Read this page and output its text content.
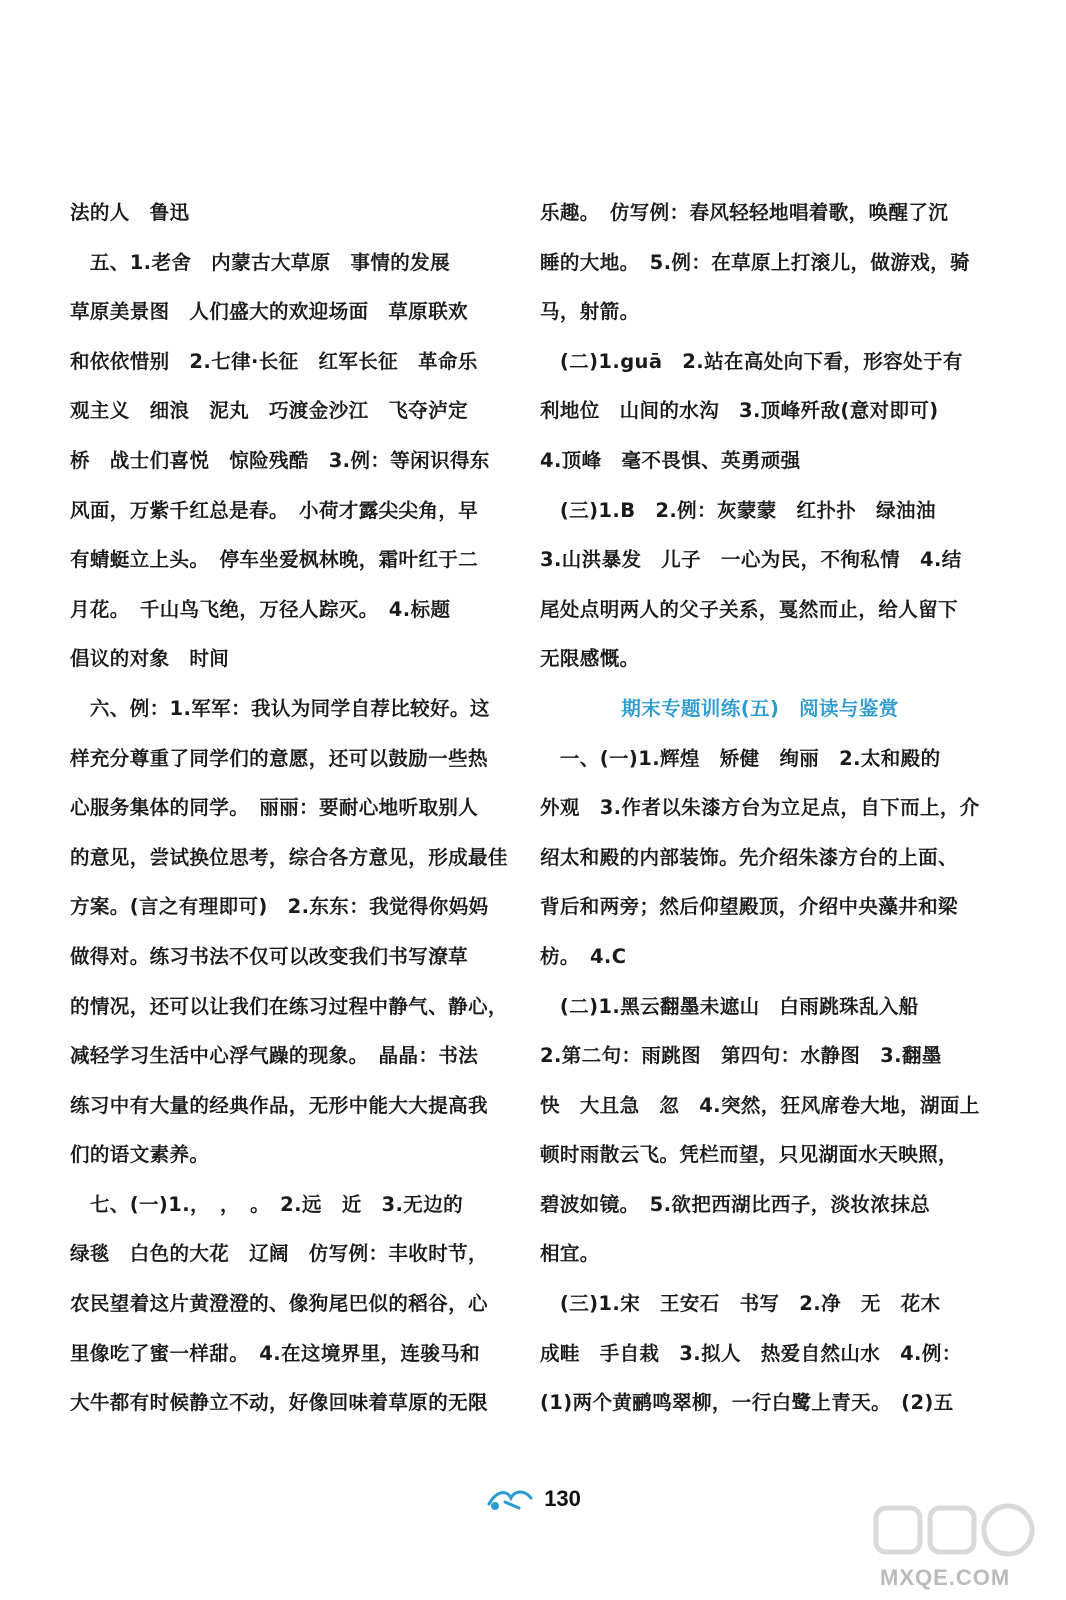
法的人　鲁迅
　五、1.老舍　内蒙古大草原　事情的发展
草原美景图　人们盛大的欢迎场面　草原联欢
和依依惜别　2.七律·长征　红军长征　革命乐
观主义　细浪　泥丸　巧渡金沙江　飞夺泸定
桥　战士们喜悦　惊险残酷　3.例：等闲识得东
风面，万紫千红总是春。　小荷才露尖尖角，早
有蜻蜓立上头。　停车坐爱枫林晚，霜叶红于二
月花。　千山鸟飞绝，万径人踪灭。　4.标题
倡议的对象　时间
　六、例：1.军军：我认为同学自荐比较好。这
样充分尊重了同学们的意愿，还可以鼓励一些热
心服务集体的同学。　丽丽：要耐心地听取别人
的意见，尝试换位思考，综合各方意见，形成最佳
方案。(言之有理即可)　2.东东：我觉得你妈妈
做得对。练习书法不仅可以改变我们书写潦草
的情况，还可以让我们在练习过程中静气、静心，
减轻学习生活中心浮气躁的现象。　晶晶：书法
练习中有大量的经典作品，无形中能大大提高我
们的语文素养。
　七、(一)1.，　，　。　2.远　近　3.无边的
绿毯　白色的大花　辽阔　仿写例：丰收时节，
农民望着这片黄澄澄的、像狗尾巴似的稻谷，心
里像吃了蜜一样甜。　4.在这境界里，连骏马和
大牛都有时候静立不动，好像回味着草原的无限
乐趣。　仿写例：春风轻轻地唱着歌，唤醒了沉
睡的大地。　5.例：在草原上打滚儿，做游戏，骑
马，射箭。
　(二)1.guā　2.站在高处向下看，形容处于有
利地位　山间的水沟　3.顶峰歼敌(意对即可)
4.顶峰　毫不畏惧、英勇顽强
　(三)1.B　2.例：灰蒙蒙　红扑扑　绿油油
3.山洪暴发　儿子　一心为民，不徇私情　4.结
尾处点明两人的父子关系，戛然而止，给人留下
无限感慨。
期末专题训练(五)　阅读与鉴赏
　一、(一)1.辉煌　矫健　绚丽　2.太和殿的
外观　3.作者以朱漆方台为立足点，自下而上，介
绍太和殿的内部装饰。先介绍朱漆方台的上面、
背后和两旁；然后仰望殿顶，介绍中央藻井和梁
枋。　4.C
　(二)1.黑云翻墨未遮山　白雨跳珠乱入船
2.第二句：雨跳图　第四句：水静图　3.翻墨
快　大且急　忽　4.突然，狂风席卷大地，湖面上
顿时雨散云飞。凭栏而望，只见湖面水天映照，
碧波如镜。　5.欲把西湖比西子，淡妆浓抹总
相宜。
　(三)1.宋　王安石　书写　2.净　无　花木
成畦　手自栽　3.拟人　热爱自然山水　4.例：
(1)两个黄鹂鸣翠柳，一行白鹭上青天。　(2)五
130
MXQE.COM
